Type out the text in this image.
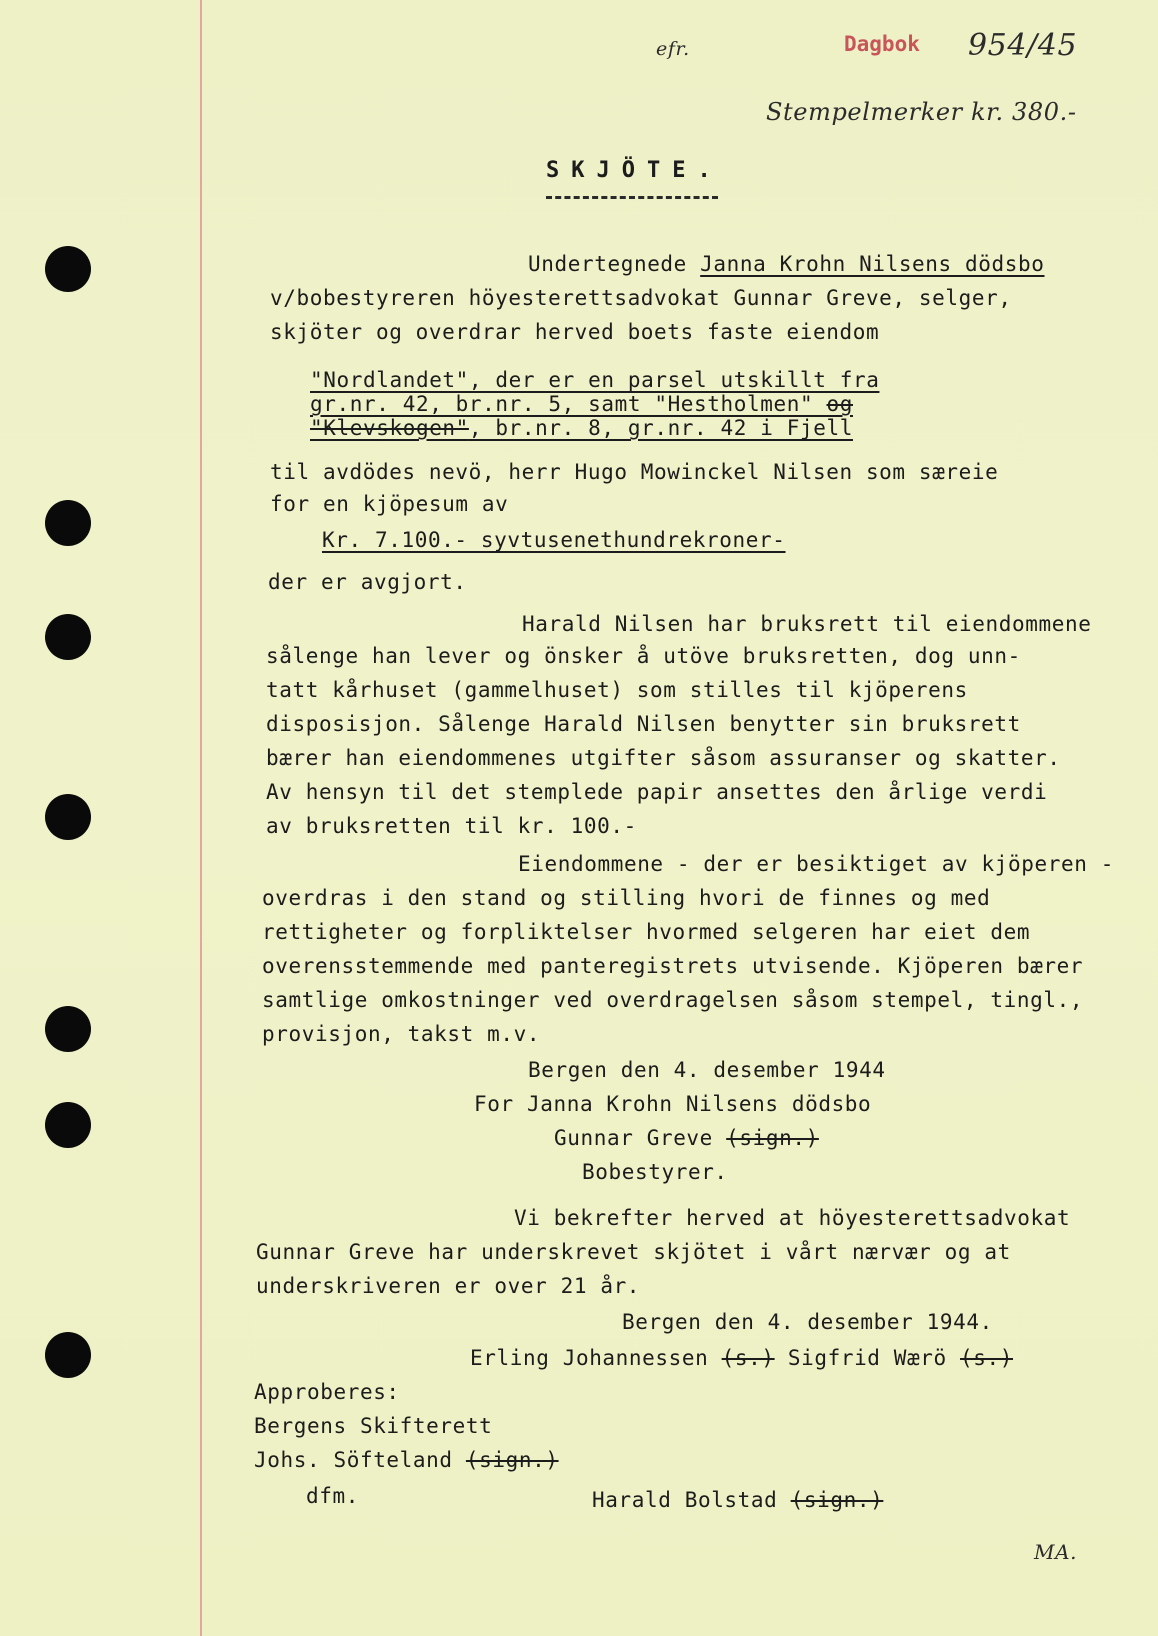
efr.	Dagbok 954/45
Stempelmerker kr. 380.-
SKJÖTE.
Undertegnede Janna Krohn Nilsens dödsbo
v/bobestyreren höyesterettsadvokat Gunnar Greve, selger,
skjöter og overdrar herved boets faste eiendom
"Nordlandet", der er en parsel utskillt fra
gr.nr. 42, br.nr. 5, samt "Hestholmen" og
"Klevskogen", br.nr. 8, gr.nr. 42 i Fjell
til avdödes nevö, herr Hugo Mowinckel Nilsen som særeie
for en kjöpesum av
Kr. 7.100.- syvtusenethundrekroner-
der er avgjort.
Harald Nilsen har bruksrett til eiendommene
sålenge han lever og önsker å utöve bruksretten, dog unn-
tatt kårhuset (gammelhuset) som stilles til kjöperens
disposisjon. Sålenge Harald Nilsen benytter sin bruksrett
bærer han eiendommenes utgifter såsom assuranser og skatter.
Av hensyn til det stemplede papir ansettes den årlige verdi
av bruksretten til kr. 100.-
Eiendommene - der er besiktiget av kjöperen -
overdras i den stand og stilling hvori de finnes og med
rettigheter og forpliktelser hvormed selgeren har eiet dem
overensstemmende med panteregistrets utvisende. Kjöperen bærer
samtlige omkostninger ved overdragelsen såsom stempel, tingl.,
provisjon, takst m.v.
Bergen den 4. desember 1944
For Janna Krohn Nilsens dödsbo
Gunnar Greve (sign.)
Bobestyrer.
Vi bekrefter herved at höyesterettsadvokat
Gunnar Greve har underskrevet skjötet i vårt nærvær og at
underskriveren er over 21 år.
Bergen den 4. desember 1944.
Erling Johannessen (s.) Sigfrid Wærö (s.)
Approberes:
Bergens Skifterett
Johs. Söfteland (sign.)
dfm.	Harald Bolstad (sign.)
MA.
